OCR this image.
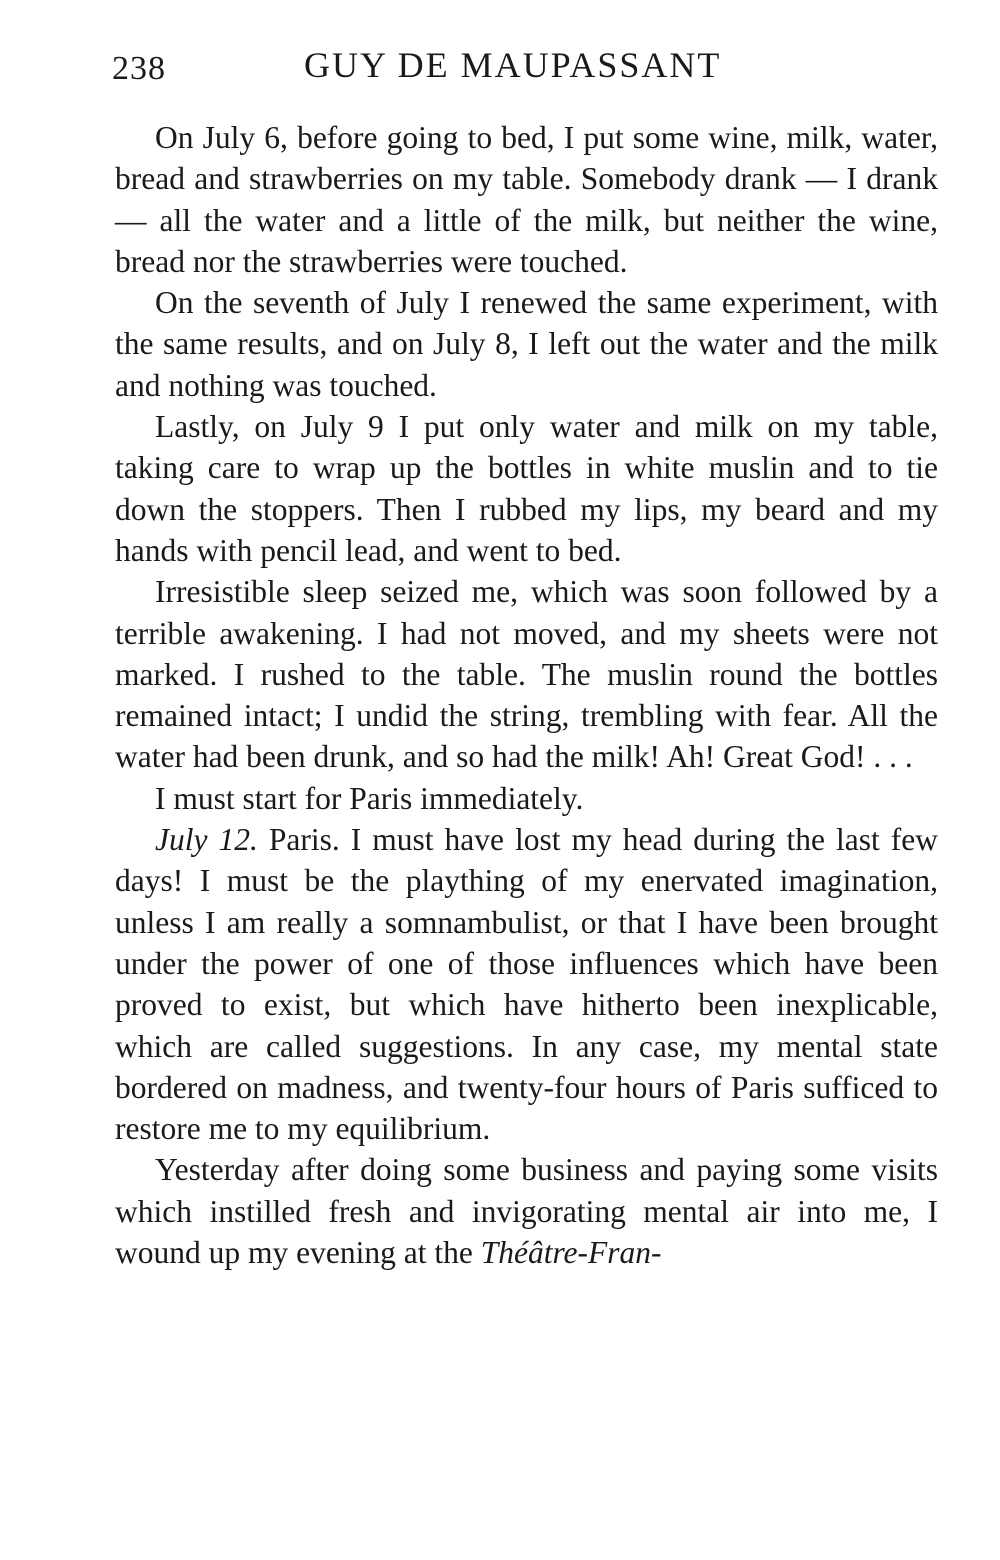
238	GUY DE MAUPASSANT

On July 6, before going to bed, I put some wine, milk, water, bread and strawberries on my table. Somebody drank — I drank — all the water and a little of the milk, but neither the wine, bread nor the strawberries were touched.

On the seventh of July I renewed the same experiment, with the same results, and on July 8, I left out the water and the milk and nothing was touched.

Lastly, on July 9 I put only water and milk on my table, taking care to wrap up the bottles in white muslin and to tie down the stoppers. Then I rubbed my lips, my beard and my hands with pencil lead, and went to bed.

Irresistible sleep seized me, which was soon followed by a terrible awakening. I had not moved, and my sheets were not marked. I rushed to the table. The muslin round the bottles remained intact; I undid the string, trembling with fear. All the water had been drunk, and so had the milk! Ah! Great God! . . .

I must start for Paris immediately.

July 12. Paris. I must have lost my head during the last few days! I must be the plaything of my enervated imagination, unless I am really a somnambulist, or that I have been brought under the power of one of those influences which have been proved to exist, but which have hitherto been inexplicable, which are called suggestions. In any case, my mental state bordered on madness, and twenty-four hours of Paris sufficed to restore me to my equilibrium.

Yesterday after doing some business and paying some visits which instilled fresh and invigorating mental air into me, I wound up my evening at the Théâtre-Fran-
